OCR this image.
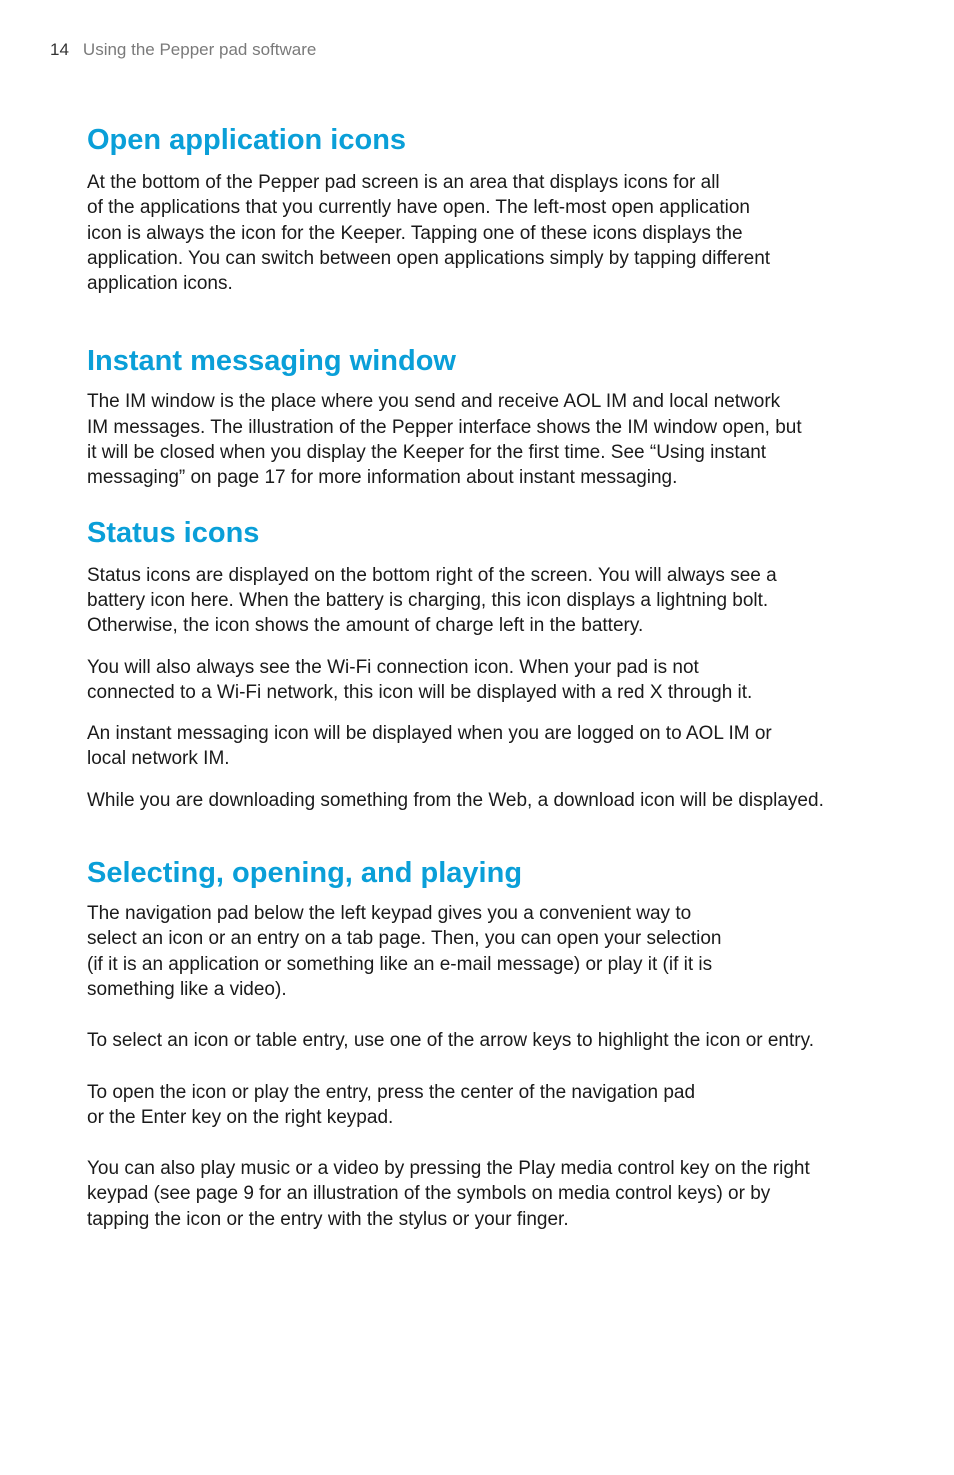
14 Using the Pepper pad software
Open application icons

At the bottom of the Pepper pad screen is an area that displays icons for all
of the applications that you currently have open. The left-most open application
icon is always the icon for the Keeper. Tapping one of these icons displays the
application. You can switch between open applications simply by tapping different
application icons.

Instant messaging window

The IM window is the place where you send and receive AOL IM and local network
IM messages. The illustration of the Pepper interface shows the IM window open, but
it will be closed when you display the Keeper for the first time. See “Using instant
messaging” on page 17 for more information about instant messaging.

Status icons

Status icons are displayed on the bottom right of the screen. You will always see a
battery icon here. When the battery is charging, this icon displays a lightning bolt.
Otherwise, the icon shows the amount of charge left in the battery.

You will also always see the Wi-Fi connection icon. When your pad is not
connected to a Wi-Fi network, this icon will be displayed with a red X through it.

An instant messaging icon will be displayed when you are logged on to AOL IM or
local network IM.

While you are downloading something from the Web, a download icon will be displayed.

Selecting, opening, and playing

The navigation pad below the left keypad gives you a convenient way to
select an icon or an entry on a tab page. Then, you can open your selection
(if it is an application or something like an e-mail message) or play it (if it is
something like a video).

To select an icon or table entry, use one of the arrow keys to highlight the icon or entry.

To open the icon or play the entry, press the center of the navigation pad
or the Enter key on the right keypad.

You can also play music or a video by pressing the Play media control key on the right
keypad (see page 9 for an illustration of the symbols on media control keys) or by
tapping the icon or the entry with the stylus or your finger.
